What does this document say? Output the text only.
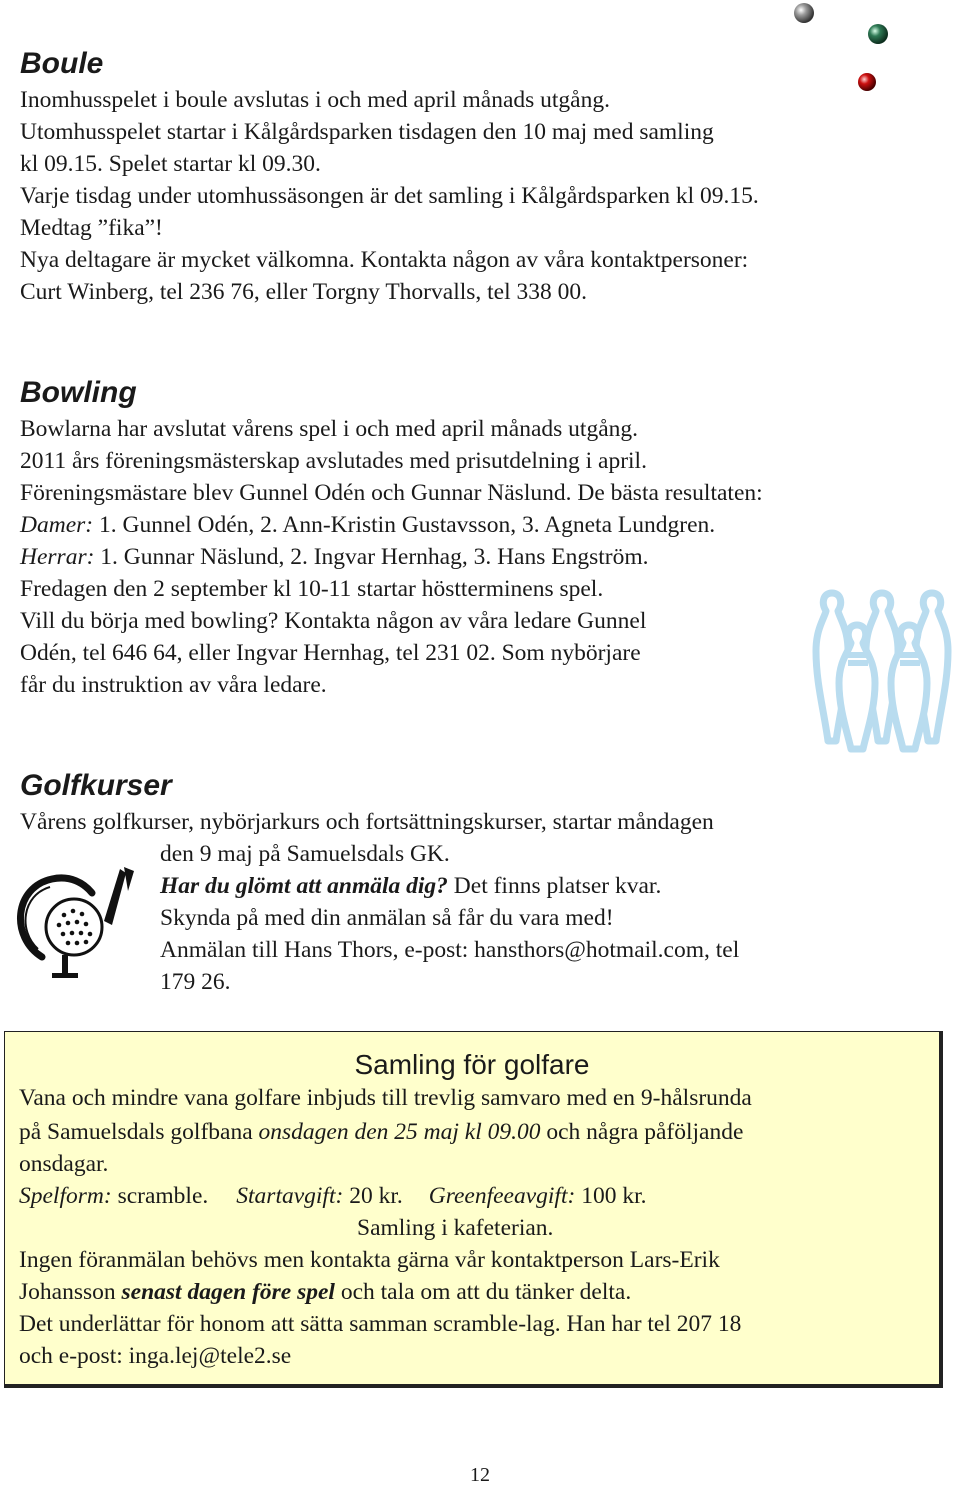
Boule

Inomhusspelet i boule avslutas i och med april månads utgång.

Utomhusspelet startar i Kålgårdsparken tisdagen den 10 maj med samling

kl 09.15. Spelet startar kl 09.30.

Varje tisdag under utomhussäsongen är det samling i Kålgårdsparken kl 09.15.

Medtag ”fika”!

Nya deltagare är mycket välkomna. Kontakta någon av våra kontaktpersoner:

Curt Winberg, tel 236 76, eller Torgny Thorvalls, tel 338 00.

Bowling

Bowlarna har avslutat vårens spel i och med april månads utgång.

2011 års föreningsmästerskap avslutades med prisutdelning i april.

Föreningsmästare blev Gunnel Odén och Gunnar Näslund. De bästa resultaten:

Damer: 1. Gunnel Odén, 2. Ann-Kristin Gustavsson, 3. Agneta Lundgren.

Herrar: 1. Gunnar Näslund, 2. Ingvar Hernhag, 3. Hans Engström.

Fredagen den 2 september kl 10-11 startar höstterminens spel.

Vill du börja med bowling? Kontakta någon av våra ledare Gunnel

Odén, tel 646 64, eller Ingvar Hernhag, tel 231 02. Som nybörjare

får du instruktion av våra ledare.

Golfkurser

Vårens golfkurser, nybörjarkurs och fortsättningskurser, startar måndagen

den 9 maj på Samuelsdals GK.

Har du glömt att anmäla dig? Det finns platser kvar.

Skynda på med din anmälan så får du vara med!

Anmälan till Hans Thors, e-post: hansthors@hotmail.com, tel

179 26.

Samling för golfare

Vana och mindre vana golfare inbjuds till trevlig samvaro med en 9-hålsrunda

på Samuelsdals golfbana onsdagen den 25 maj kl 09.00 och några påföljande

onsdagar.

Spelform: scramble. Startavgift: 20 kr. Greenfeeavgift: 100 kr.

Samling i kafeterian.

Ingen föranmälan behövs men kontakta gärna vår kontaktperson Lars-Erik

Johansson senast dagen före spel och tala om att du tänker delta.

Det underlättar för honom att sätta samman scramble-lag. Han har tel 207 18

och e-post: inga.lej@tele2.se

12
